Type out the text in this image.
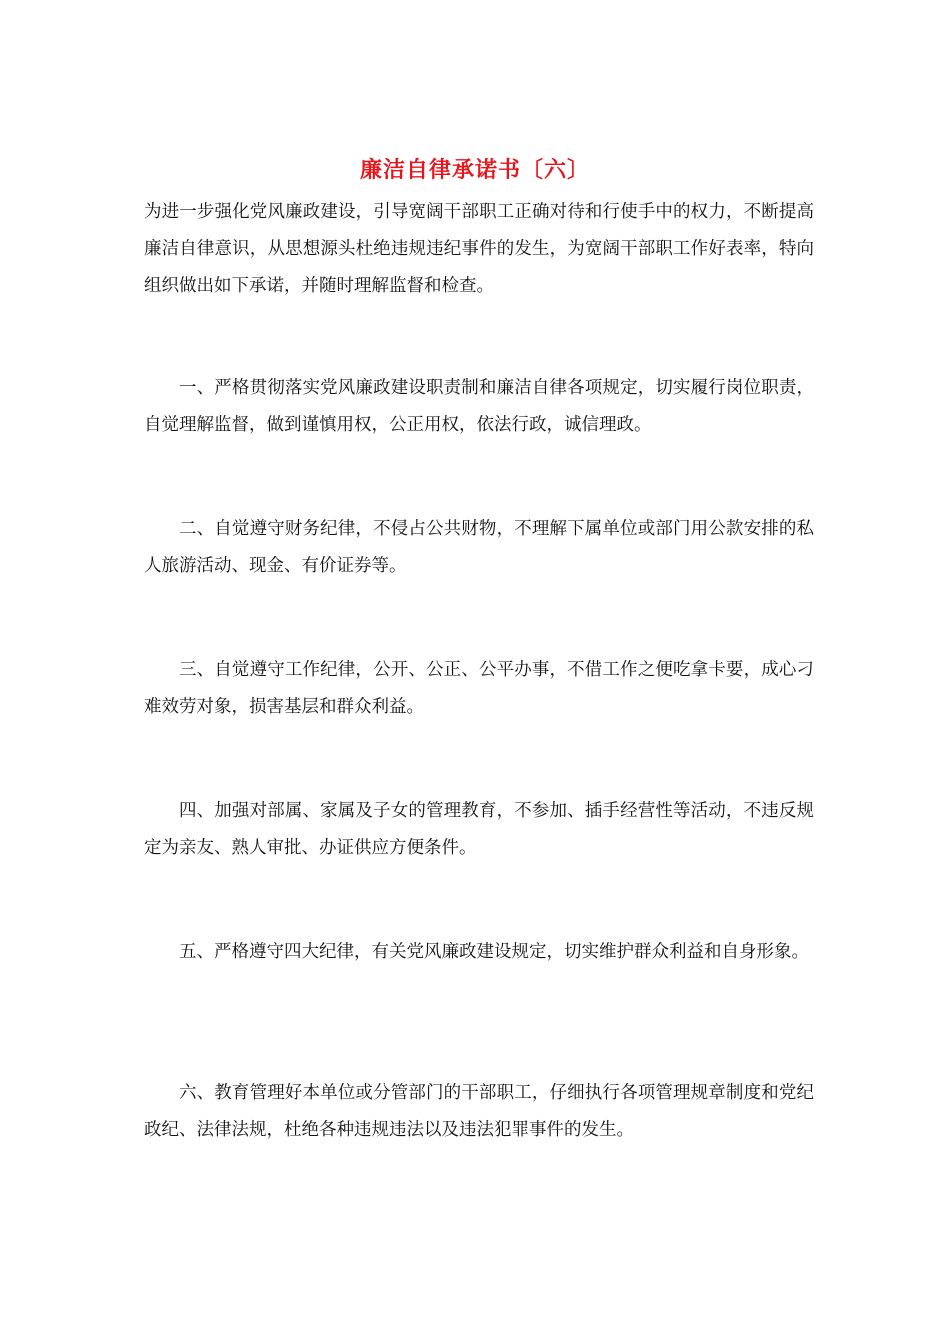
廉洁自律承诺书〔六〕

为进一步强化党风廉政建设，引导宽阔干部职工正确对待和行使手中的权力，不断提高廉洁自律意识，从思想源头杜绝违规违纪事件的发生，为宽阔干部职工作好表率，特向组织做出如下承诺，并随时理解监督和检查。

一、严格贯彻落实党风廉政建设职责制和廉洁自律各项规定，切实履行岗位职责，自觉理解监督，做到谨慎用权，公正用权，依法行政，诚信理政。

二、自觉遵守财务纪律，不侵占公共财物，不理解下属单位或部门用公款安排的私人旅游活动、现金、有价证券等。

三、自觉遵守工作纪律，公开、公正、公平办事，不借工作之便吃拿卡要，成心刁难效劳对象，损害基层和群众利益。

四、加强对部属、家属及子女的管理教育，不参加、插手经营性等活动，不违反规定为亲友、熟人审批、办证供应方便条件。

五、严格遵守四大纪律，有关党风廉政建设规定，切实维护群众利益和自身形象。

六、教育管理好本单位或分管部门的干部职工，仔细执行各项管理规章制度和党纪政纪、法律法规，杜绝各种违规违法以及违法犯罪事件的发生。
